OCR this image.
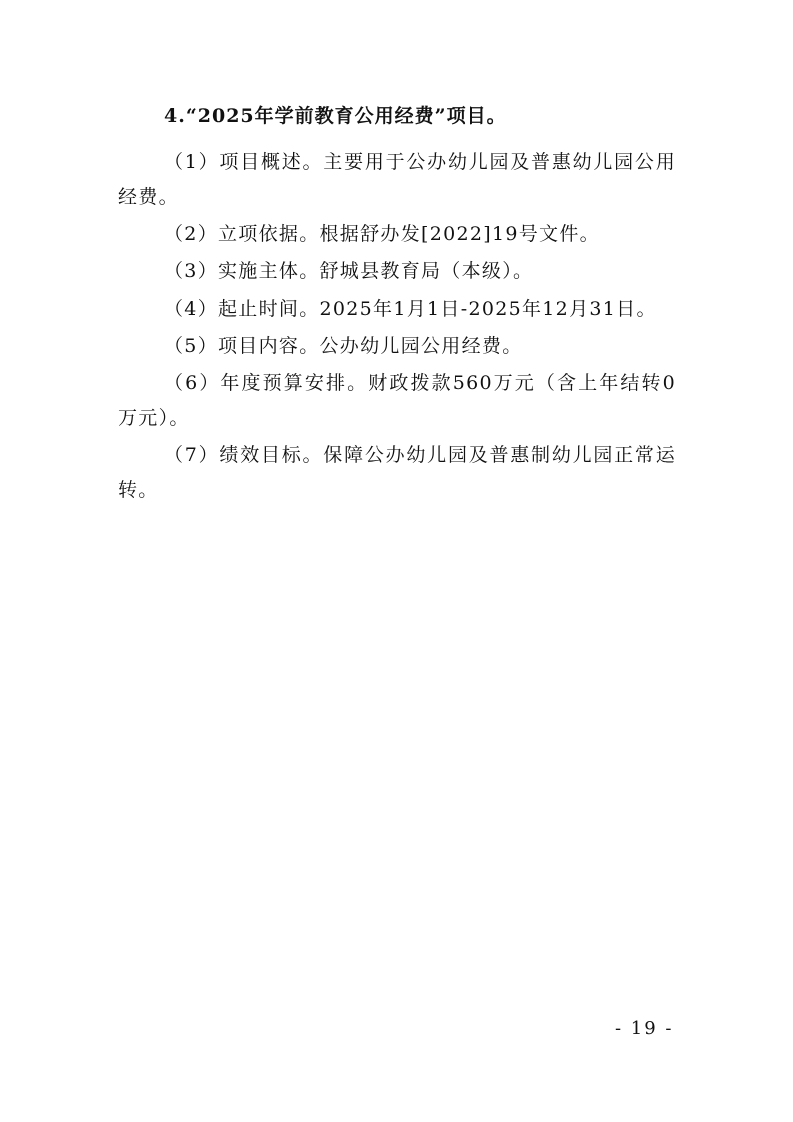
4.“2025年学前教育公用经费”项目。

（1）项目概述。主要用于公办幼儿园及普惠幼儿园公用经费。

（2）立项依据。根据舒办发[2022]19号文件。

（3）实施主体。舒城县教育局（本级）。

（4）起止时间。2025年1月1日-2025年12月31日。

（5）项目内容。公办幼儿园公用经费。

（6）年度预算安排。财政拨款560万元（含上年结转0万元）。

（7）绩效目标。保障公办幼儿园及普惠制幼儿园正常运转。

- 19 -
